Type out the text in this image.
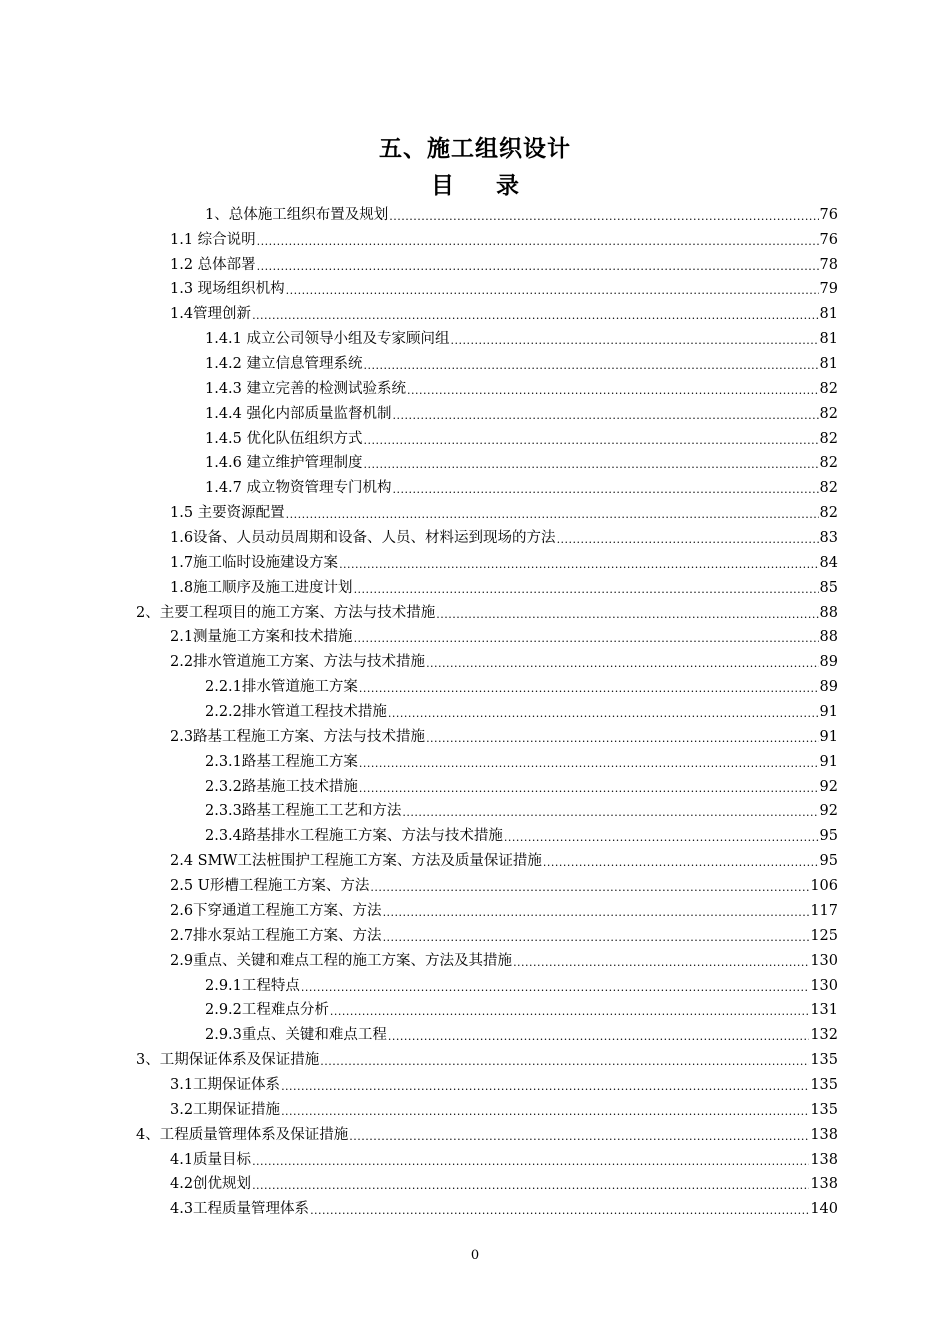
五、施工组织设计
目 录
1、总体施工组织布置及规划 .....	76
1.1 综合说明 .....	76
1.2 总体部署 .....	78
1.3 现场组织机构 .....	79
1.4管理创新 .....	81
1.4.1 成立公司领导小组及专家顾问组 .....	81
1.4.2 建立信息管理系统 .....	81
1.4.3 建立完善的检测试验系统 .....	82
1.4.4 强化内部质量监督机制 .....	82
1.4.5 优化队伍组织方式 .....	82
1.4.6 建立维护管理制度 .....	82
1.4.7 成立物资管理专门机构 .....	82
1.5 主要资源配置 .....	82
1.6设备、人员动员周期和设备、人员、材料运到现场的方法 .....	83
1.7施工临时设施建设方案 .....	84
1.8施工顺序及施工进度计划 .....	85
2、主要工程项目的施工方案、方法与技术措施 .....	88
2.1测量施工方案和技术措施 .....	88
2.2排水管道施工方案、方法与技术措施 .....	89
2.2.1排水管道施工方案 .....	89
2.2.2排水管道工程技术措施 .....	91
2.3路基工程施工方案、方法与技术措施 .....	91
2.3.1路基工程施工方案 .....	91
2.3.2路基施工技术措施 .....	92
2.3.3路基工程施工工艺和方法 .....	92
2.3.4路基排水工程施工方案、方法与技术措施 .....	95
2.4 SMW工法桩围护工程施工方案、方法及质量保证措施 .....	95
2.5 U形槽工程施工方案、方法 .....	106
2.6下穿通道工程施工方案、方法 .....	117
2.7排水泵站工程施工方案、方法 .....	125
2.9重点、关键和难点工程的施工方案、方法及其措施 .....	130
2.9.1工程特点 .....	130
2.9.2工程难点分析 .....	131
2.9.3重点、关键和难点工程 .....	132
3、工期保证体系及保证措施 .....	135
3.1工期保证体系 .....	135
3.2工期保证措施 .....	135
4、工程质量管理体系及保证措施 .....	138
4.1质量目标 .....	138
4.2创优规划 .....	138
4.3工程质量管理体系 .....	140
0
